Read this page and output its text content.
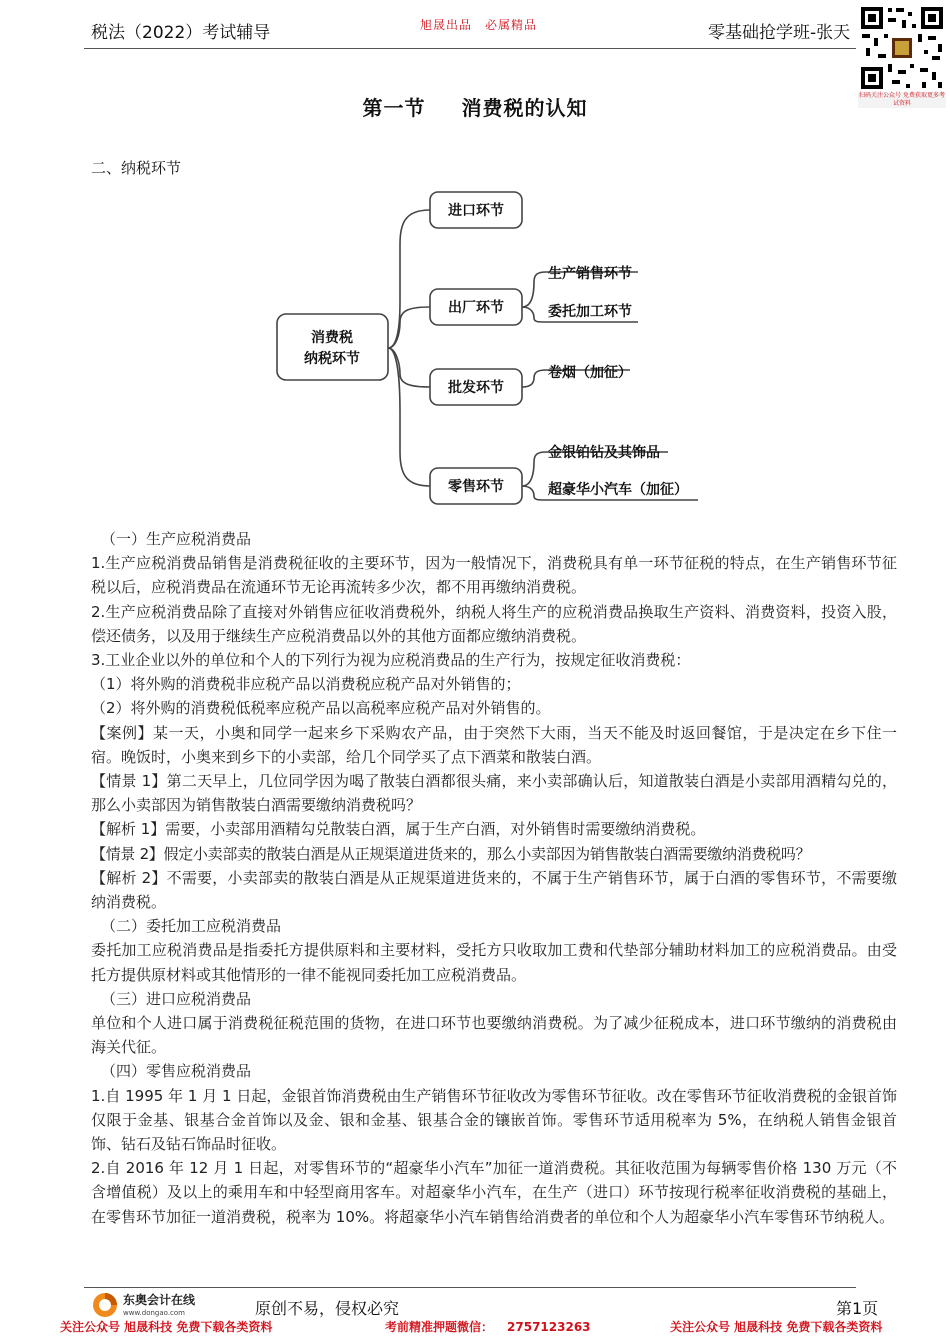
税法（2022）考试辅导	旭晟出品　必属精品	零基础抢学班-张天
扫码关注公众号 免费获取更多考试资料
第一节 消费税的认知
二、纳税环节
消费税
纳税环节
进口环节
出厂环节
批发环节
零售环节
生产销售环节
委托加工环节
卷烟（加征）
金银铂钻及其饰品
超豪华小汽车（加征）

（一）生产应税消费品

1.生产应税消费品销售是消费税征收的主要环节，因为一般情况下，消费税具有单一环节征税的特点，在生产销售环节征税以后，应税消费品在流通环节无论再流转多少次，都不用再缴纳消费税。

2.生产应税消费品除了直接对外销售应征收消费税外，纳税人将生产的应税消费品换取生产资料、消费资料，投资入股，偿还债务，以及用于继续生产应税消费品以外的其他方面都应缴纳消费税。

3.工业企业以外的单位和个人的下列行为视为应税消费品的生产行为，按规定征收消费税：

（1）将外购的消费税非应税产品以消费税应税产品对外销售的；

（2）将外购的消费税低税率应税产品以高税率应税产品对外销售的。

【案例】某一天，小奥和同学一起来乡下采购农产品，由于突然下大雨，当天不能及时返回餐馆，于是决定在乡下住一宿。晚饭时，小奥来到乡下的小卖部，给几个同学买了点下酒菜和散装白酒。

【情景 1】第二天早上，几位同学因为喝了散装白酒都很头痛，来小卖部确认后，知道散装白酒是小卖部用酒精勾兑的，那么小卖部因为销售散装白酒需要缴纳消费税吗？

【解析 1】需要，小卖部用酒精勾兑散装白酒，属于生产白酒，对外销售时需要缴纳消费税。

【情景 2】假定小卖部卖的散装白酒是从正规渠道进货来的，那么小卖部因为销售散装白酒需要缴纳消费税吗？

【解析 2】不需要，小卖部卖的散装白酒是从正规渠道进货来的，不属于生产销售环节，属于白酒的零售环节，不需要缴纳消费税。

（二）委托加工应税消费品

委托加工应税消费品是指委托方提供原料和主要材料，受托方只收取加工费和代垫部分辅助材料加工的应税消费品。由受托方提供原材料或其他情形的一律不能视同委托加工应税消费品。

（三）进口应税消费品

单位和个人进口属于消费税征税范围的货物，在进口环节也要缴纳消费税。为了减少征税成本，进口环节缴纳的消费税由海关代征。

（四）零售应税消费品

1.自 1995 年 1 月 1 日起，金银首饰消费税由生产销售环节征收改为零售环节征收。改在零售环节征收消费税的金银首饰仅限于金基、银基合金首饰以及金、银和金基、银基合金的镶嵌首饰。零售环节适用税率为 5%，在纳税人销售金银首饰、钻石及钻石饰品时征收。

2.自 2016 年 12 月 1 日起，对零售环节的“超豪华小汽车”加征一道消费税。其征收范围为每辆零售价格 130 万元（不含增值税）及以上的乘用车和中轻型商用客车。对超豪华小汽车，在生产（进口）环节按现行税率征收消费税的基础上，在零售环节加征一道消费税，税率为 10%。将超豪华小汽车销售给消费者的单位和个人为超豪华小汽车零售环节纳税人。

东奥会计在线
www.dongao.com	原创不易，侵权必究	第1页
关注公众号 旭晟科技 免费下载各类资料	考前精准押题微信： 2757123263	关注公众号 旭晟科技 免费下载各类资料
